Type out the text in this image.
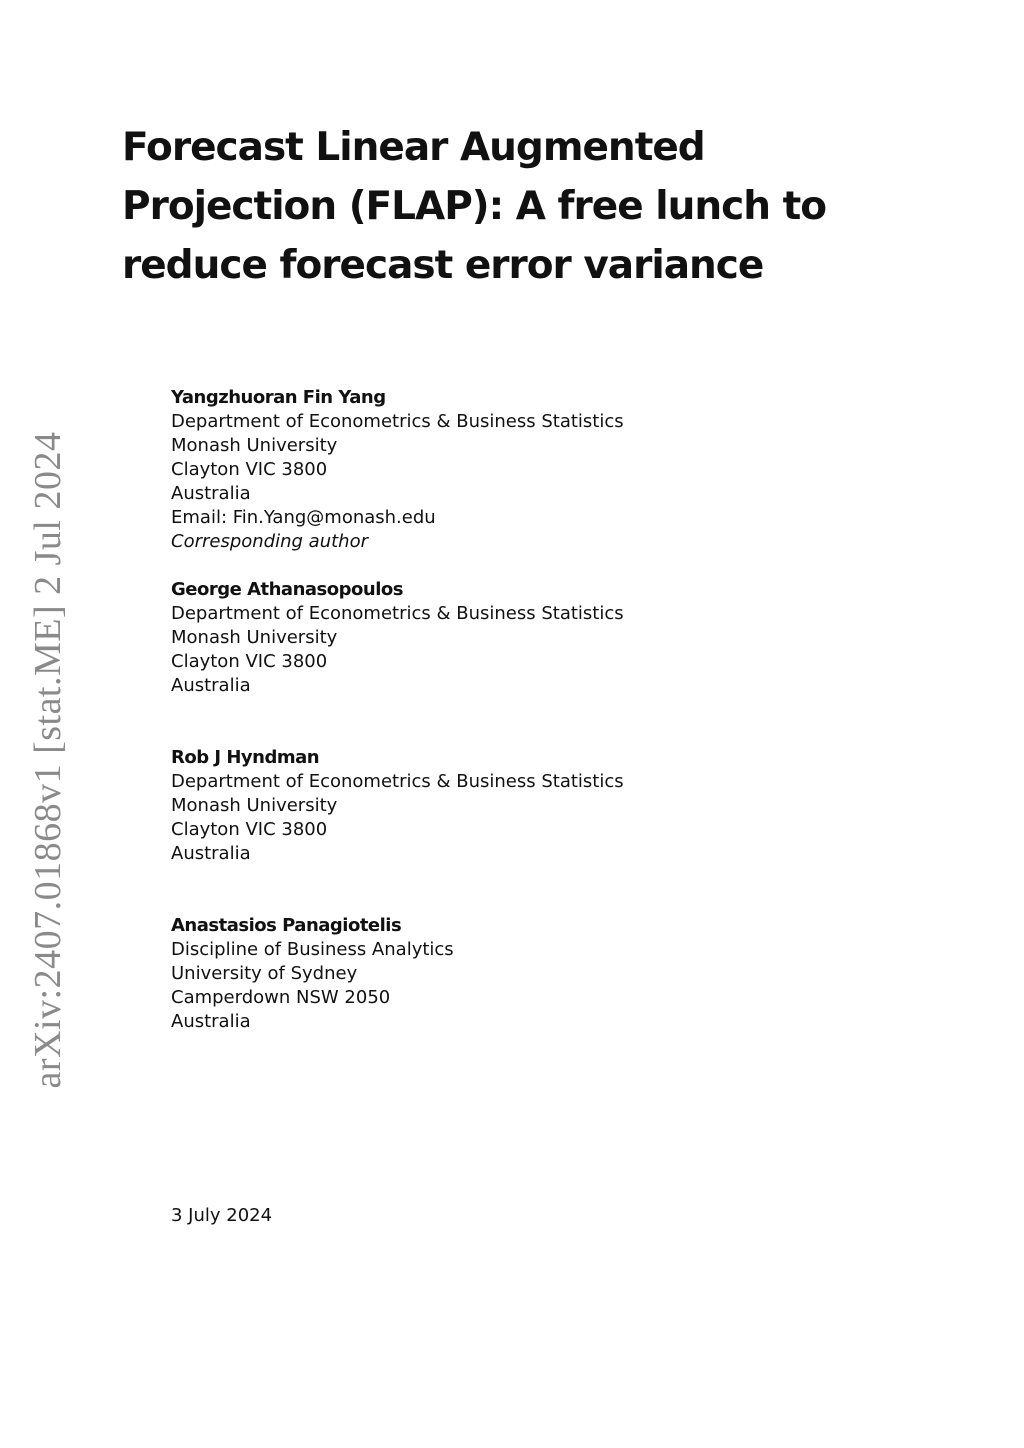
arXiv:2407.01868v1 [stat.ME] 2 Jul 2024
Forecast Linear Augmented Projection (FLAP): A free lunch to reduce forecast error variance
Yangzhuoran Fin Yang
Department of Econometrics & Business Statistics
Monash University
Clayton VIC 3800
Australia
Email: Fin.Yang@monash.edu
Corresponding author
George Athanasopoulos
Department of Econometrics & Business Statistics
Monash University
Clayton VIC 3800
Australia
Rob J Hyndman
Department of Econometrics & Business Statistics
Monash University
Clayton VIC 3800
Australia
Anastasios Panagiotelis
Discipline of Business Analytics
University of Sydney
Camperdown NSW 2050
Australia
3 July 2024
